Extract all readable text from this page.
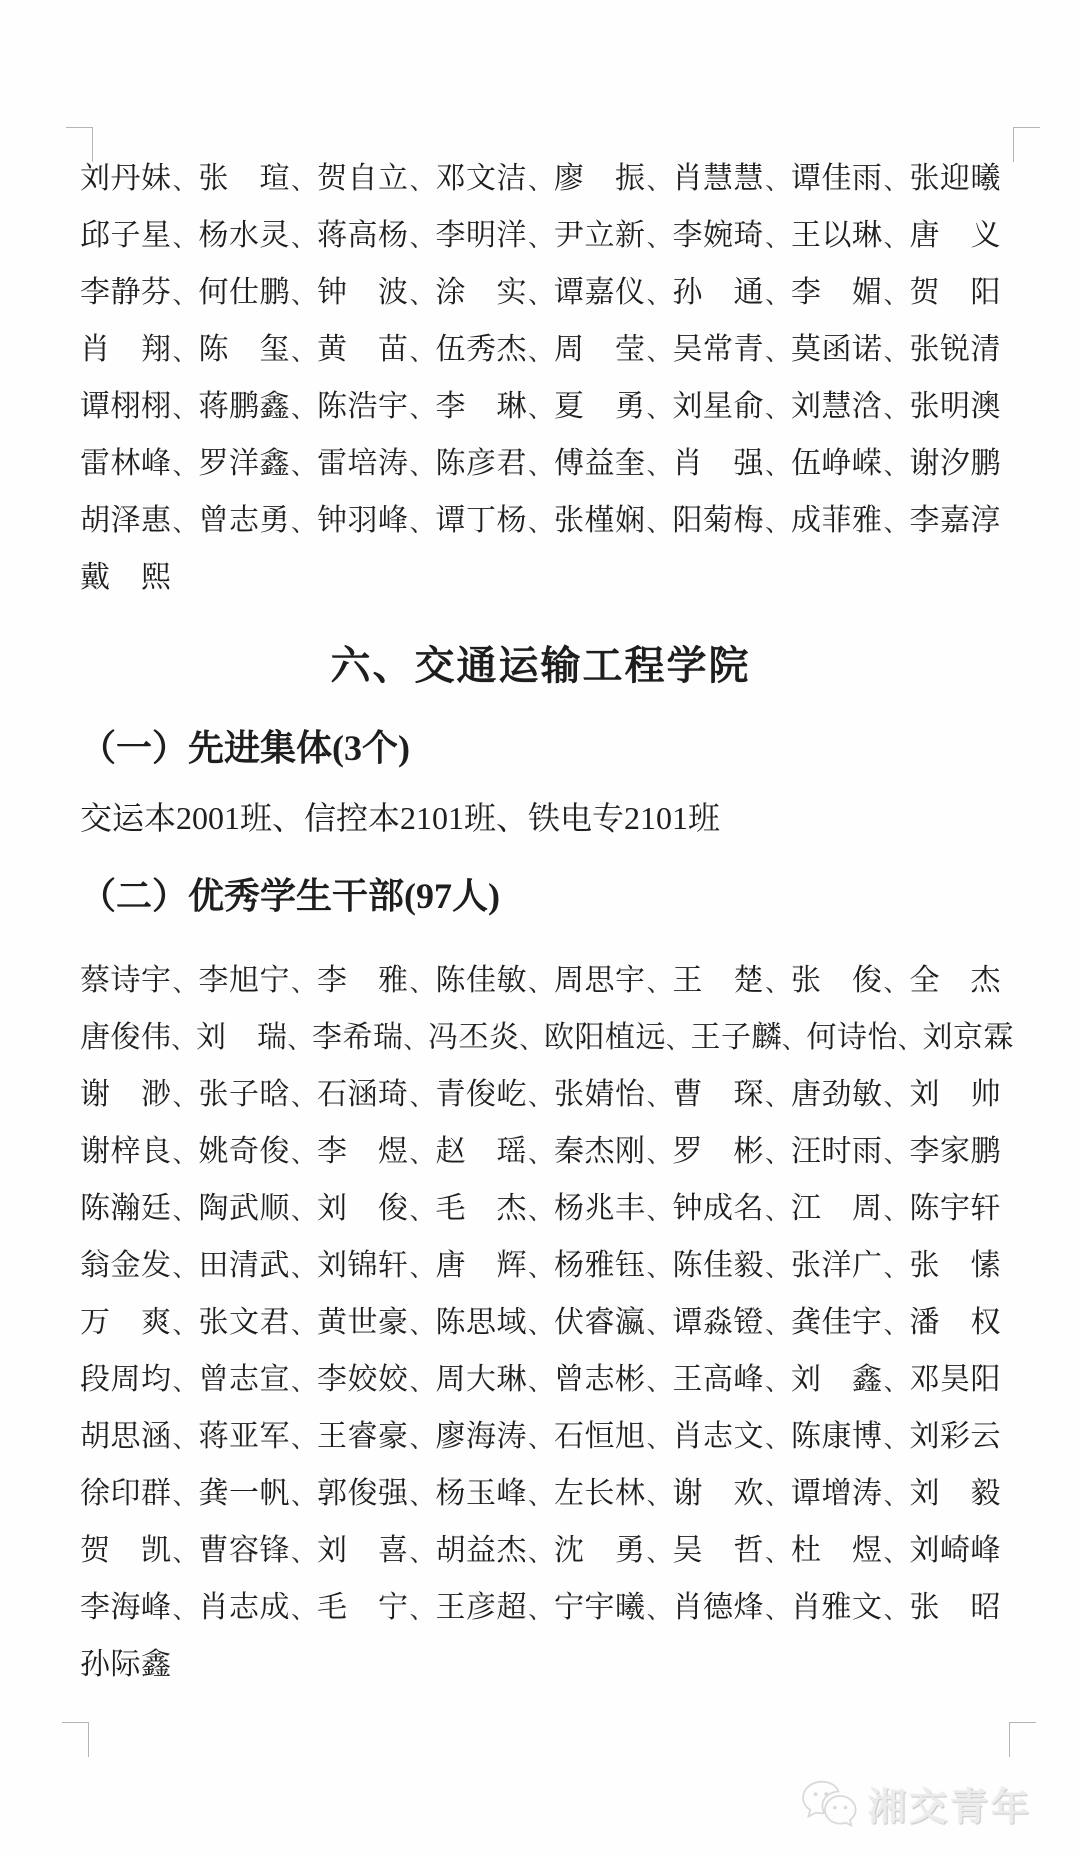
刘丹妹 、 张　瑄 、 贺自立 、 邓文洁 、 廖　振 、 肖慧慧 、 谭佳雨 、 张迎曦
邱子星 、 杨水灵 、 蒋高杨 、 李明洋 、 尹立新 、 李婉琦 、 王以琳 、 唐　义
李静芬 、 何仕鹏 、 钟　波 、 涂　实 、 谭嘉仪 、 孙　通 、 李　媚 、 贺　阳
肖　翔 、 陈　玺 、 黄　苗 、 伍秀杰 、 周　莹 、 吴常青 、 莫函诺 、 张锐清
谭栩栩 、 蒋鹏鑫 、 陈浩宇 、 李　琳 、 夏　勇 、 刘星俞 、 刘慧浛 、 张明澳
雷林峰 、 罗洋鑫 、 雷培涛 、 陈彦君 、 傅益奎 、 肖　强 、 伍峥嵘 、 谢汐鹏
胡泽惠 、 曾志勇 、 钟羽峰 、 谭丁杨 、 张槿娴 、 阳菊梅 、 成菲雅 、 李嘉淳
戴　熙
六、交通运输工程学院
（一）先进集体(3个)

交运本2001班、信控本2101班、铁电专2101班

（二）优秀学生干部(97人)
蔡诗宇 、 李旭宁 、 李　雅 、 陈佳敏 、 周思宇 、 王　楚 、 张　俊 、 全　杰
唐俊伟 、 刘　瑞 、 李希瑞 、 冯丕炎 、 欧阳植远 、 王子麟 、 何诗怡 、 刘京霖
谢　渺 、 张子晗 、 石涵琦 、 青俊屹 、 张婧怡 、 曹　琛 、 唐劲敏 、 刘　帅
谢梓良 、 姚奇俊 、 李　煜 、 赵　瑶 、 秦杰刚 、 罗　彬 、 汪时雨 、 李家鹏
陈瀚廷 、 陶武顺 、 刘　俊 、 毛　杰 、 杨兆丰 、 钟成名 、 江　周 、 陈宇轩
翁金发 、 田清武 、 刘锦轩 、 唐　辉 、 杨雅钰 、 陈佳毅 、 张洋广 、 张　愫
万　爽 、 张文君 、 黄世豪 、 陈思域 、 伏睿瀛 、 谭淼镫 、 龚佳宇 、 潘　权
段周均 、 曾志宣 、 李姣姣 、 周大琳 、 曾志彬 、 王高峰 、 刘　鑫 、 邓昊阳
胡思涵 、 蒋亚军 、 王睿豪 、 廖海涛 、 石恒旭 、 肖志文 、 陈康博 、 刘彩云
徐印群 、 龚一帆 、 郭俊强 、 杨玉峰 、 左长林 、 谢　欢 、 谭增涛 、 刘　毅
贺　凯 、 曹容锋 、 刘　喜 、 胡益杰 、 沈　勇 、 吴　哲 、 杜　煜 、 刘崎峰
李海峰 、 肖志成 、 毛　宁 、 王彦超 、 宁宇曦 、 肖德烽 、 肖雅文 、 张　昭
孙际鑫
湘交青年
